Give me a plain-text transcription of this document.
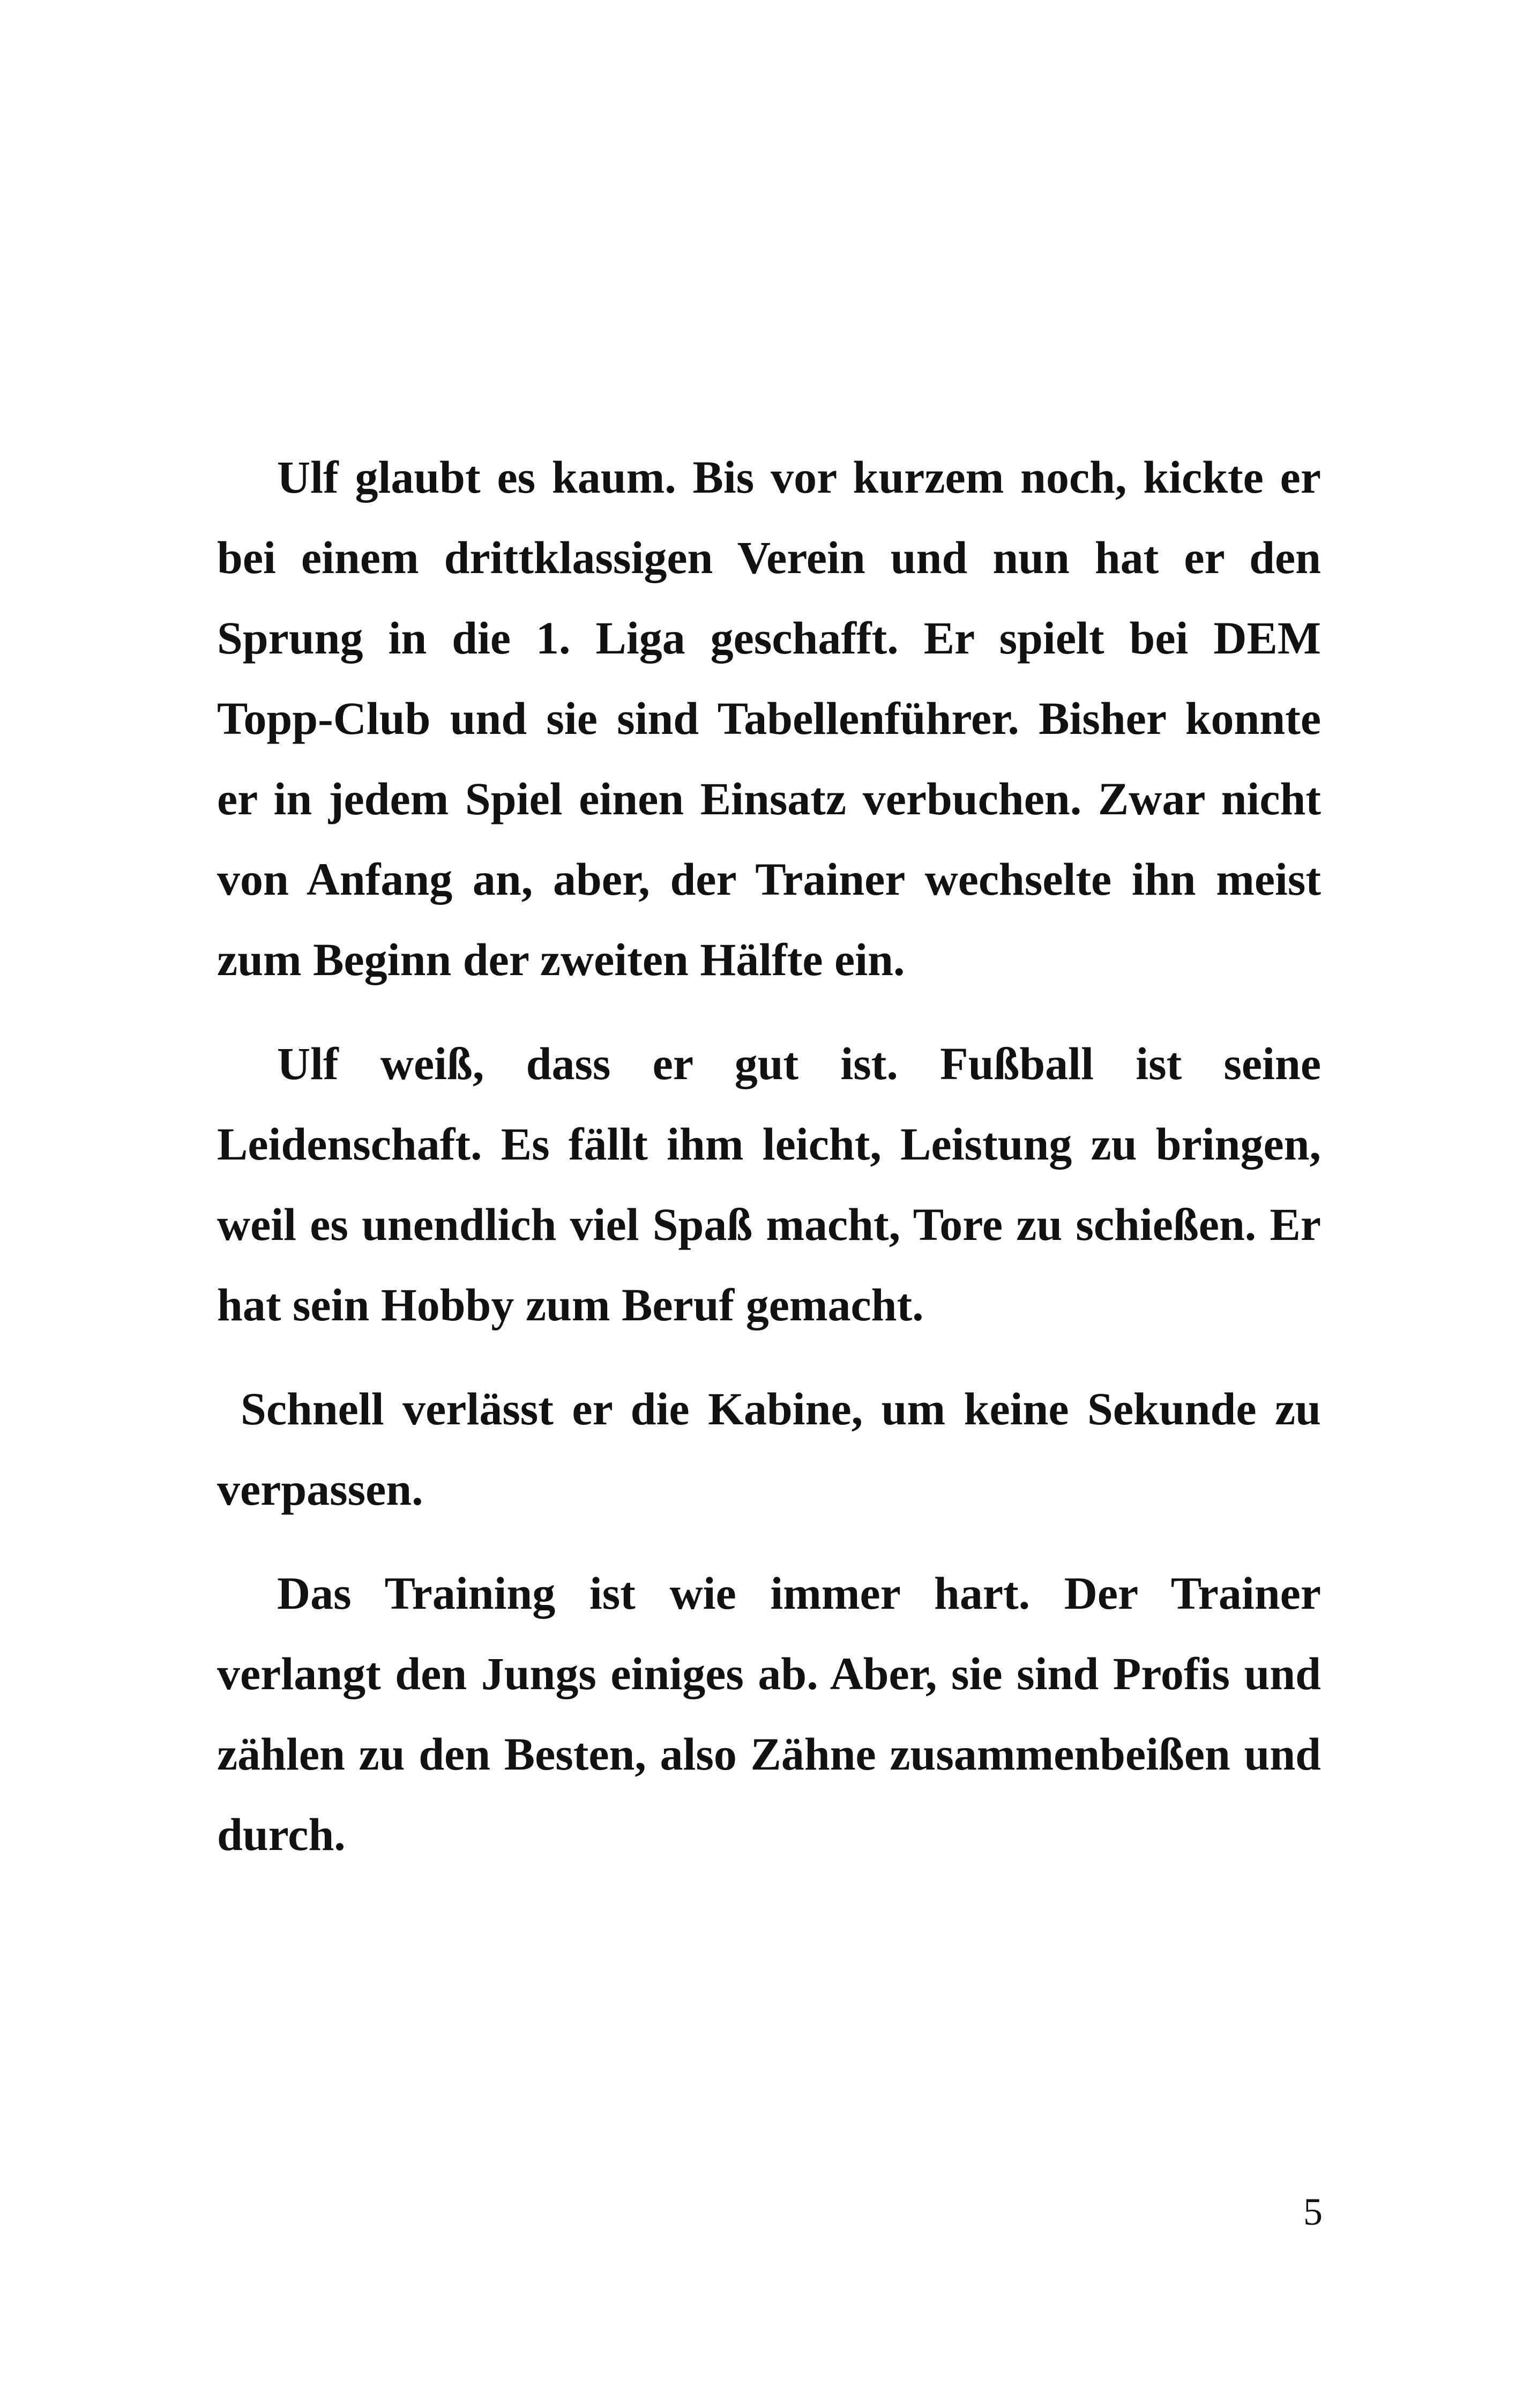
Ulf glaubt es kaum. Bis vor kurzem noch, kickte er bei einem drittklassigen Verein und nun hat er den Sprung in die 1. Liga geschafft. Er spielt bei DEM Topp-Club und sie sind Tabellenführer. Bisher konnte er in jedem Spiel einen Einsatz verbuchen. Zwar nicht von Anfang an, aber, der Trainer wechselte ihn meist zum Beginn der zweiten Hälfte ein.

Ulf weiß, dass er gut ist. Fußball ist seine Leidenschaft. Es fällt ihm leicht, Leistung zu bringen, weil es unendlich viel Spaß macht, Tore zu schießen. Er hat sein Hobby zum Beruf gemacht.

Schnell verlässt er die Kabine, um keine Sekunde zu verpassen.

Das Training ist wie immer hart. Der Trainer verlangt den Jungs einiges ab. Aber, sie sind Profis und zählen zu den Besten, also Zähne zusammenbeißen und durch.

5
